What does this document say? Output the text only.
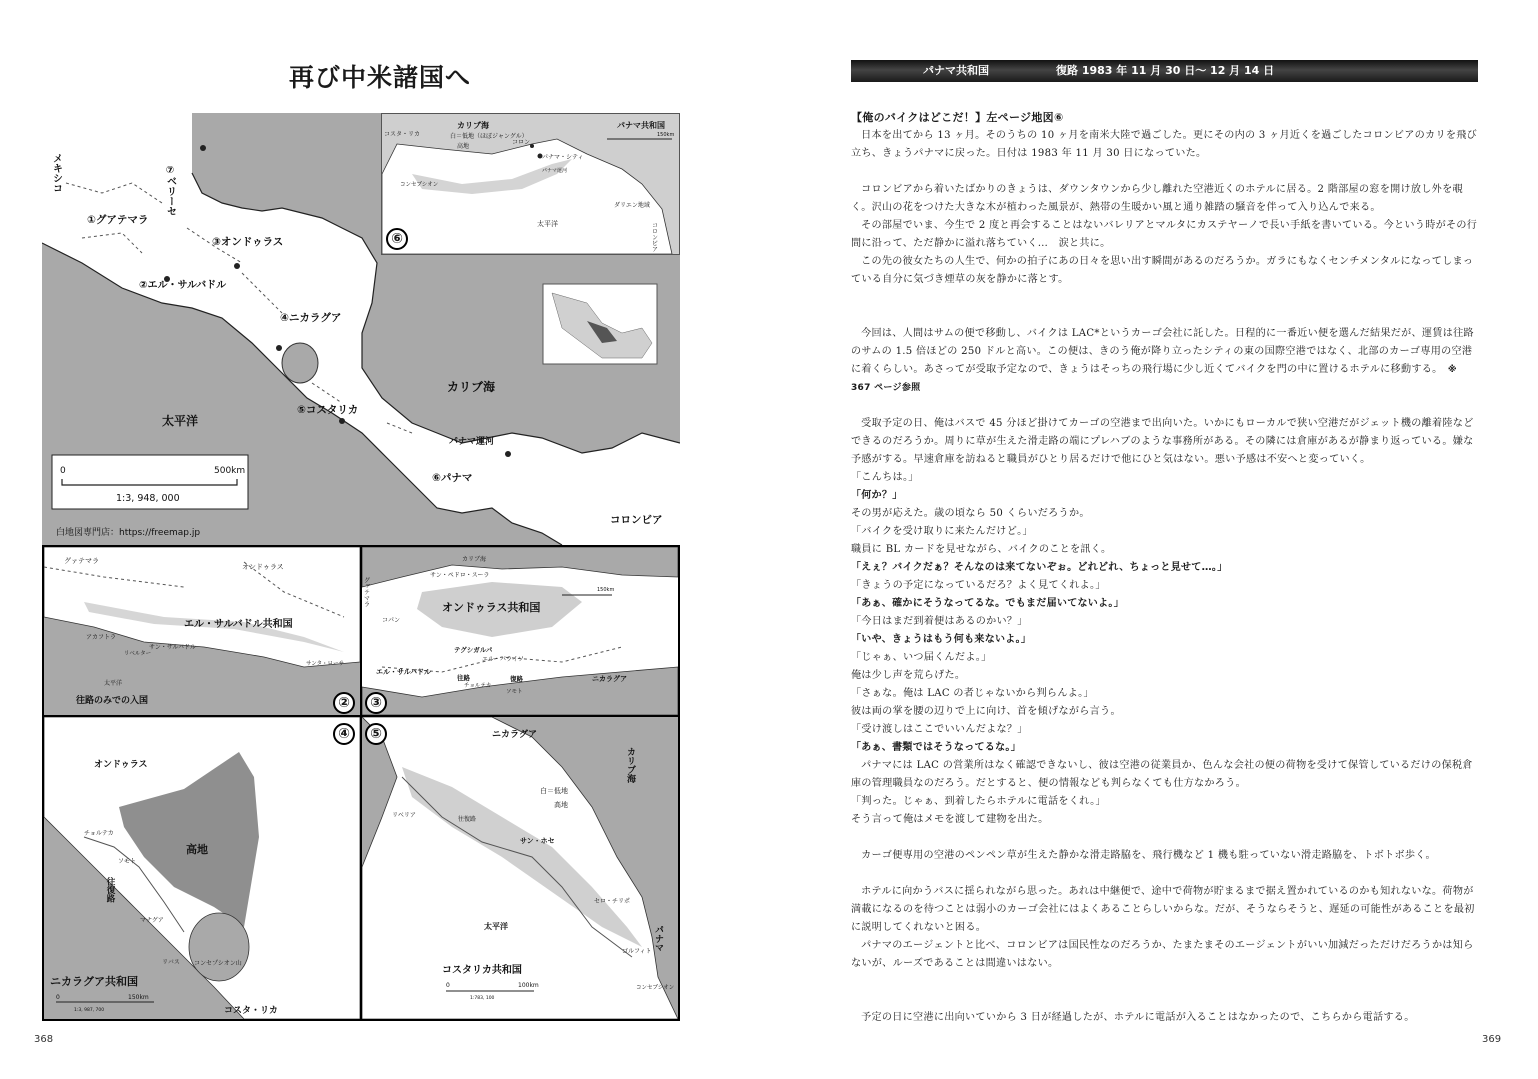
再び中米諸国へ
メキシコ	⑦ベリーセ
①グアテマラ
③オンドゥラス
②エル・サルバドル
④ニカラグア
⑤コスタリカ
⑥パナマ
パナマ運河
太平洋
カリブ海
コロンビア
0	500km
1:3, 948, 000
白地図専門店：https://freemap.jp
カリブ海	パナマ共和国
コスタ・リカ	白＝低地（ほぼジャングル）
高地
パナマ・シティ
コロン
パナマ運河
コンセプシオン
ダリエン地域
太平洋	コロンビア
150km
⑥
グァテマラ
オンドゥラス
エル・サルバドル共和国
アカフトラ
サン・サルバドル
リベルター
サンタ・ローサ
太平洋
往路のみでの入国	②
カリブ海
グァテマラ
サン・ペドロ・スーラ
オンドゥラス共和国
コパン
テグシガルパ
エル・パライソ
エル・サルバドル
往路	復路
チョルテカ
ソモト
ニカラグア
150km
③
オンドゥラス
高地
チョルテカ
ソモト
往復路
マナグア
リバス コンセプシオン山
ニカラグア共和国
コスタ・リカ
0	150km
1:3, 987, 700
④	ニカラグア
カリブ海
リベリア
白＝低地
高地
往復路
サン・ホセ
セロ・チリポ
太平洋
ゴルフィト
コンセプシオン
パナマ
コスタリカ共和国
0	100km
1:783, 100
⑤
368
パナマ共和国	復路 1983 年 11 月 30 日〜 12 月 14 日

【俺のバイクはどこだ！】左ページ地図⑥

日本を出てから 13 ヶ月。そのうちの 10 ヶ月を南米大陸で過ごした。更にその内の 3 ヶ月近くを過ごしたコロンビアのカリを飛び立ち、きょうパナマに戻った。日付は 1983 年 11 月 30 日になっていた。

コロンビアから着いたばかりのきょうは、ダウンタウンから少し離れた空港近くのホテルに居る。2 階部屋の窓を開け放し外を覗く。沢山の花をつけた大きな木が植わった風景が、熱帯の生暖かい風と通り雑踏の騒音を伴って入り込んで来る。

その部屋でいま、今生で 2 度と再会することはないバレリアとマルタにカステヤーノで長い手紙を書いている。今という時がその行間に沿って、ただ静かに溢れ落ちていく…　涙と共に。

この先の彼女たちの人生で、何かの拍子にあの日々を思い出す瞬間があるのだろうか。ガラにもなくセンチメンタルになってしまっている自分に気づき煙草の灰を静かに落とす。

今回は、人間はサムの便で移動し、バイクは LAC*というカーゴ会社に託した。日程的に一番近い便を選んだ結果だが、運賃は往路のサムの 1.5 倍ほどの 250 ドルと高い。この便は、きのう俺が降り立ったシティの東の国際空港ではなく、北部のカーゴ専用の空港に着くらしい。あさってが受取予定なので、きょうはそっちの飛行場に少し近くてバイクを門の中に置けるホテルに移動する。　 ※ 367 ページ参照

受取予定の日、俺はバスで 45 分ほど掛けてカーゴの空港まで出向いた。いかにもローカルで狭い空港だがジェット機の離着陸などできるのだろうか。周りに草が生えた滑走路の端にプレハブのような事務所がある。その隣には倉庫があるが静まり返っている。嫌な予感がする。早速倉庫を訪ねると職員がひとり居るだけで他にひと気はない。悪い予感は不安へと変っていく。

「こんちは。」

「何か？」

その男が応えた。歳の頃なら 50 くらいだろうか。

「バイクを受け取りに来たんだけど。」

職員に BL カードを見せながら、バイクのことを訊く。

「えぇ？バイクだぁ？そんなのは来てないぞぉ。どれどれ、ちょっと見せて…。」

「きょうの予定になっているだろ？よく見てくれよ。」

「あぁ、確かにそうなってるな。でもまだ届いてないよ。」

「今日はまだ到着便はあるのかい？」

「いや、きょうはもう何も来ないよ。」

「じゃぁ、いつ届くんだよ。」

俺は少し声を荒らげた。

「さぁな。俺は LAC の者じゃないから判らんよ。」

彼は両の掌を腰の辺りで上に向け、首を傾げながら言う。

「受け渡しはここでいいんだよな？」

「あぁ、書類ではそうなってるな。」

パナマには LAC の営業所はなく確認できないし、彼は空港の従業員か、色んな会社の便の荷物を受けて保管しているだけの保税倉庫の管理職員なのだろう。だとすると、便の情報なども判らなくても仕方なかろう。

「判った。じゃぁ、到着したらホテルに電話をくれ。」

そう言って俺はメモを渡して建物を出た。

カーゴ便専用の空港のペンペン草が生えた静かな滑走路脇を、飛行機など 1 機も駐っていない滑走路脇を、トボトボ歩く。

ホテルに向かうバスに揺られながら思った。あれは中継便で、途中で荷物が貯まるまで据え置かれているのかも知れないな。荷物が満載になるのを待つことは弱小のカーゴ会社にはよくあることらしいからな。だが、そうならそうと、遅延の可能性があることを最初に説明してくれないと困る。

パナマのエージェントと比べ、コロンビアは国民性なのだろうか、たまたまそのエージェントがいい加減だっただけだろうかは知らないが、ルーズであることは間違いはない。

予定の日に空港に出向いていから 3 日が経過したが、ホテルに電話が入ることはなかったので、こちらから電話する。

369
